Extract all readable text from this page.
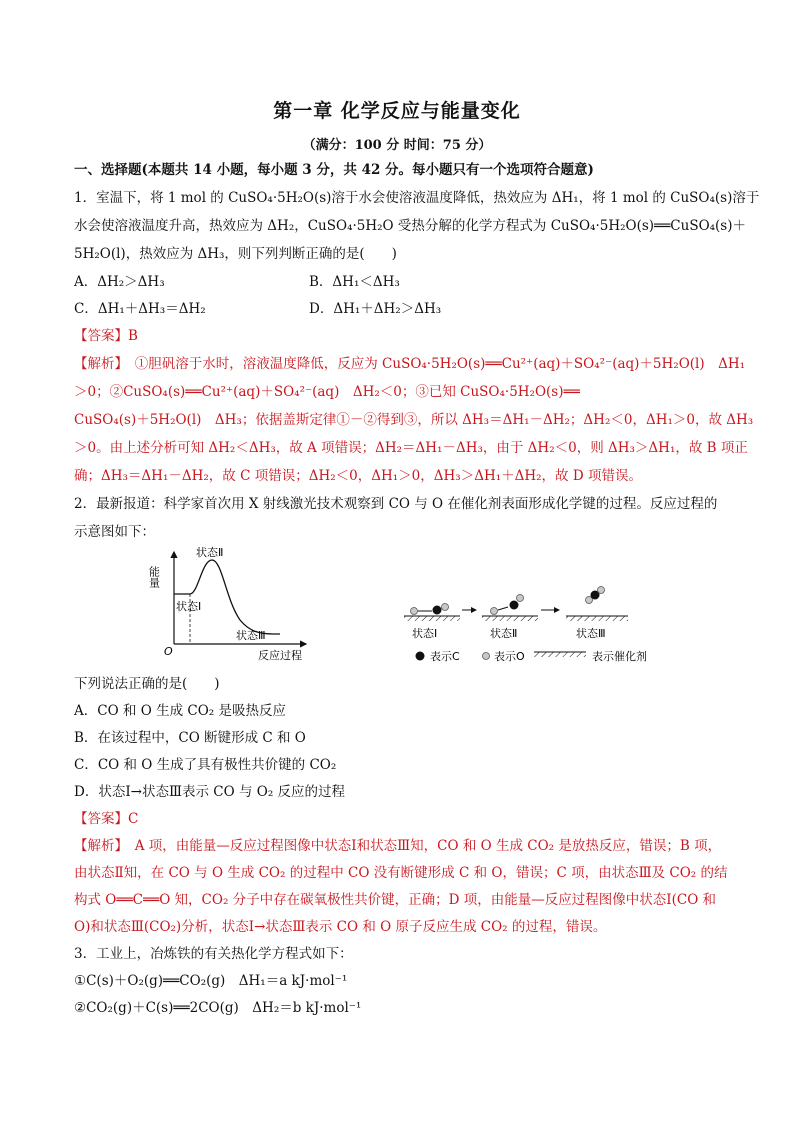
第一章 化学反应与能量变化
（满分：100 分 时间：75 分）
一、选择题(本题共 14 小题，每小题 3 分，共 42 分。每小题只有一个选项符合题意)
1．室温下，将 1 mol 的 CuSO₄·5H₂O(s)溶于水会使溶液温度降低，热效应为 ΔH₁，将 1 mol 的 CuSO₄(s)溶于
水会使溶液温度升高，热效应为 ΔH₂，CuSO₄·5H₂O 受热分解的化学方程式为 CuSO₄·5H₂O(s)══CuSO₄(s)＋
5H₂O(l)，热效应为 ΔH₃，则下列判断正确的是(　　)
A．ΔH₂＞ΔH₃	B．ΔH₁＜ΔH₃
C．ΔH₁＋ΔH₃＝ΔH₂	D．ΔH₁＋ΔH₂＞ΔH₃
【答案】B
【解析】　①胆矾溶于水时，溶液温度降低，反应为 CuSO₄·5H₂O(s)══Cu²⁺(aq)＋SO₄²⁻(aq)＋5H₂O(l)　ΔH₁
＞0；②CuSO₄(s)══Cu²⁺(aq)＋SO₄²⁻(aq)　ΔH₂＜0；③已知 CuSO₄·5H₂O(s)══
CuSO₄(s)＋5H₂O(l)　ΔH₃；依据盖斯定律①－②得到③，所以 ΔH₃＝ΔH₁－ΔH₂；ΔH₂＜0，ΔH₁＞0，故 ΔH₃
＞0。由上述分析可知 ΔH₂＜ΔH₃，故 A 项错误；ΔH₂＝ΔH₁－ΔH₃，由于 ΔH₂＜0，则 ΔH₃＞ΔH₁，故 B 项正
确；ΔH₃＝ΔH₁－ΔH₂，故 C 项错误；ΔH₂＜0，ΔH₁＞0，ΔH₃＞ΔH₁＋ΔH₂，故 D 项错误。
2．最新报道：科学家首次用 X 射线激光技术观察到 CO 与 O 在催化剂表面形成化学键的过程。反应过程的
示意图如下：
能量
O	反应过程
状态Ⅰ
状态Ⅱ
状态Ⅲ	状态Ⅰ	状态Ⅱ	状态Ⅲ
表示C	表示O	表示催化剂
下列说法正确的是(　　)
A．CO 和 O 生成 CO₂ 是吸热反应
B．在该过程中，CO 断键形成 C 和 O
C．CO 和 O 生成了具有极性共价键的 CO₂
D．状态Ⅰ→状态Ⅲ表示 CO 与 O₂ 反应的过程
【答案】C
【解析】　A 项，由能量—反应过程图像中状态Ⅰ和状态Ⅲ知，CO 和 O 生成 CO₂ 是放热反应，错误；B 项，
由状态Ⅱ知，在 CO 与 O 生成 CO₂ 的过程中 CO 没有断键形成 C 和 O，错误；C 项，由状态Ⅲ及 CO₂ 的结
构式 O══C══O 知，CO₂ 分子中存在碳氧极性共价键，正确；D 项，由能量—反应过程图像中状态Ⅰ(CO 和
O)和状态Ⅲ(CO₂)分析，状态Ⅰ→状态Ⅲ表示 CO 和 O 原子反应生成 CO₂ 的过程，错误。
3．工业上，冶炼铁的有关热化学方程式如下：
①C(s)＋O₂(g)══CO₂(g)　ΔH₁＝a kJ·mol⁻¹
②CO₂(g)＋C(s)══2CO(g)　ΔH₂＝b kJ·mol⁻¹
